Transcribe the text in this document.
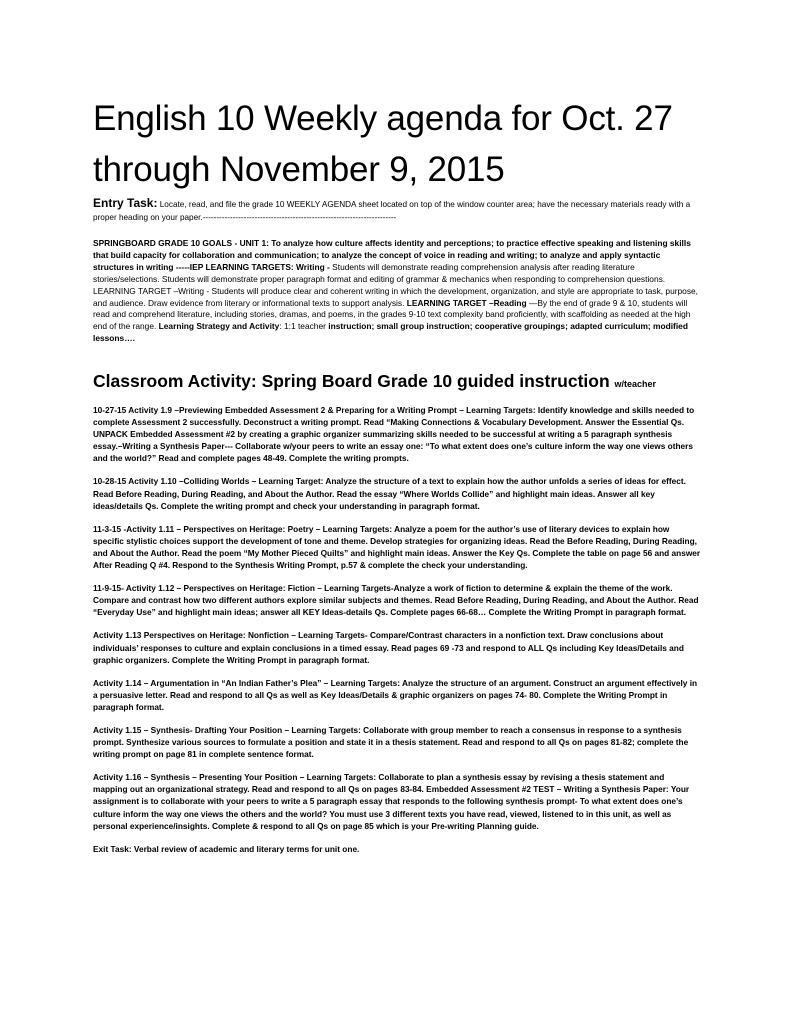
English 10 Weekly agenda for Oct. 27
through November 9, 2015
Entry Task: Locate, read, and file the grade 10 WEEKLY AGENDA sheet located on top of the window counter area; have the necessary materials ready with a proper heading on your paper.-----------------------------------------------------------------------
SPRINGBOARD GRADE 10 GOALS - UNIT 1: To analyze how culture affects identity and perceptions; to practice effective speaking and listening skills that build capacity for collaboration and communication; to analyze the concept of voice in reading and writing; to analyze and apply syntactic structures in writing -----IEP LEARNING TARGETS: Writing - Students will demonstrate reading comprehension analysis after reading literature stories/selections. Students will demonstrate proper paragraph format and editing of grammar & mechanics when responding to comprehension questions. LEARNING TARGET –Writing - Students will produce clear and coherent writing in which the development, organization, and style are appropriate to task, purpose, and audience. Draw evidence from literary or informational texts to support analysis. LEARNING TARGET –Reading —By the end of grade 9 & 10, students will read and comprehend literature, including stories, dramas, and poems, in the grades 9-10 text complexity band proficiently, with scaffolding as needed at the high end of the range. Learning Strategy and Activity: 1:1 teacher instruction; small group instruction; cooperative groupings; adapted curriculum; modified lessons….
Classroom Activity: Spring Board Grade 10 guided instruction w/teacher

10-27-15 Activity 1.9 –Previewing Embedded Assessment 2 & Preparing for a Writing Prompt – Learning Targets: Identify knowledge and skills needed to complete Assessment 2 successfully. Deconstruct a writing prompt. Read “Making Connections & Vocabulary Development. Answer the Essential Qs. UNPACK Embedded Assessment #2 by creating a graphic organizer summarizing skills needed to be successful at writing a 5 paragraph synthesis essay.–Writing a Synthesis Paper--- Collaborate w/your peers to write an essay one: “To what extent does one’s culture inform the way one views others and the world?” Read and complete pages 48-49. Complete the writing prompts.

10-28-15 Activity 1.10 –Colliding Worlds – Learning Target: Analyze the structure of a text to explain how the author unfolds a series of ideas for effect. Read Before Reading, During Reading, and About the Author. Read the essay “Where Worlds Collide” and highlight main ideas. Answer all key ideas/details Qs. Complete the writing prompt and check your understanding in paragraph format.

11-3-15 -Activity 1.11 – Perspectives on Heritage: Poetry – Learning Targets: Analyze a poem for the author’s use of literary devices to explain how specific stylistic choices support the development of tone and theme. Develop strategies for organizing ideas. Read the Before Reading, During Reading, and About the Author. Read the poem “My Mother Pieced Quilts” and highlight main ideas. Answer the Key Qs. Complete the table on page 56 and answer After Reading Q #4. Respond to the Synthesis Writing Prompt, p.57 & complete the check your understanding.

11-9-15- Activity 1.12 – Perspectives on Heritage: Fiction – Learning Targets-Analyze a work of fiction to determine & explain the theme of the work. Compare and contrast how two different authors explore similar subjects and themes. Read Before Reading, During Reading, and About the Author. Read “Everyday Use” and highlight main ideas; answer all KEY Ideas-details Qs. Complete pages 66-68… Complete the Writing Prompt in paragraph format.

Activity 1.13 Perspectives on Heritage: Nonfiction – Learning Targets- Compare/Contrast characters in a nonfiction text. Draw conclusions about individuals’ responses to culture and explain conclusions in a timed essay. Read pages 69 -73 and respond to ALL Qs including Key Ideas/Details and graphic organizers. Complete the Writing Prompt in paragraph format.

Activity 1.14 – Argumentation in “An Indian Father’s Plea” – Learning Targets: Analyze the structure of an argument. Construct an argument effectively in a persuasive letter. Read and respond to all Qs as well as Key Ideas/Details & graphic organizers on pages 74- 80. Complete the Writing Prompt in paragraph format.

Activity 1.15 – Synthesis- Drafting Your Position – Learning Targets: Collaborate with group member to reach a consensus in response to a synthesis prompt. Synthesize various sources to formulate a position and state it in a thesis statement. Read and respond to all Qs on pages 81-82; complete the writing prompt on page 81 in complete sentence format.

Activity 1.16 – Synthesis – Presenting Your Position – Learning Targets: Collaborate to plan a synthesis essay by revising a thesis statement and mapping out an organizational strategy. Read and respond to all Qs on pages 83-84. Embedded Assessment #2 TEST – Writing a Synthesis Paper: Your assignment is to collaborate with your peers to write a 5 paragraph essay that responds to the following synthesis prompt- To what extent does one’s culture inform the way one views the others and the world? You must use 3 different texts you have read, viewed, listened to in this unit, as well as personal experience/insights. Complete & respond to all Qs on page 85 which is your Pre-writing Planning guide.

Exit Task: Verbal review of academic and literary terms for unit one.
